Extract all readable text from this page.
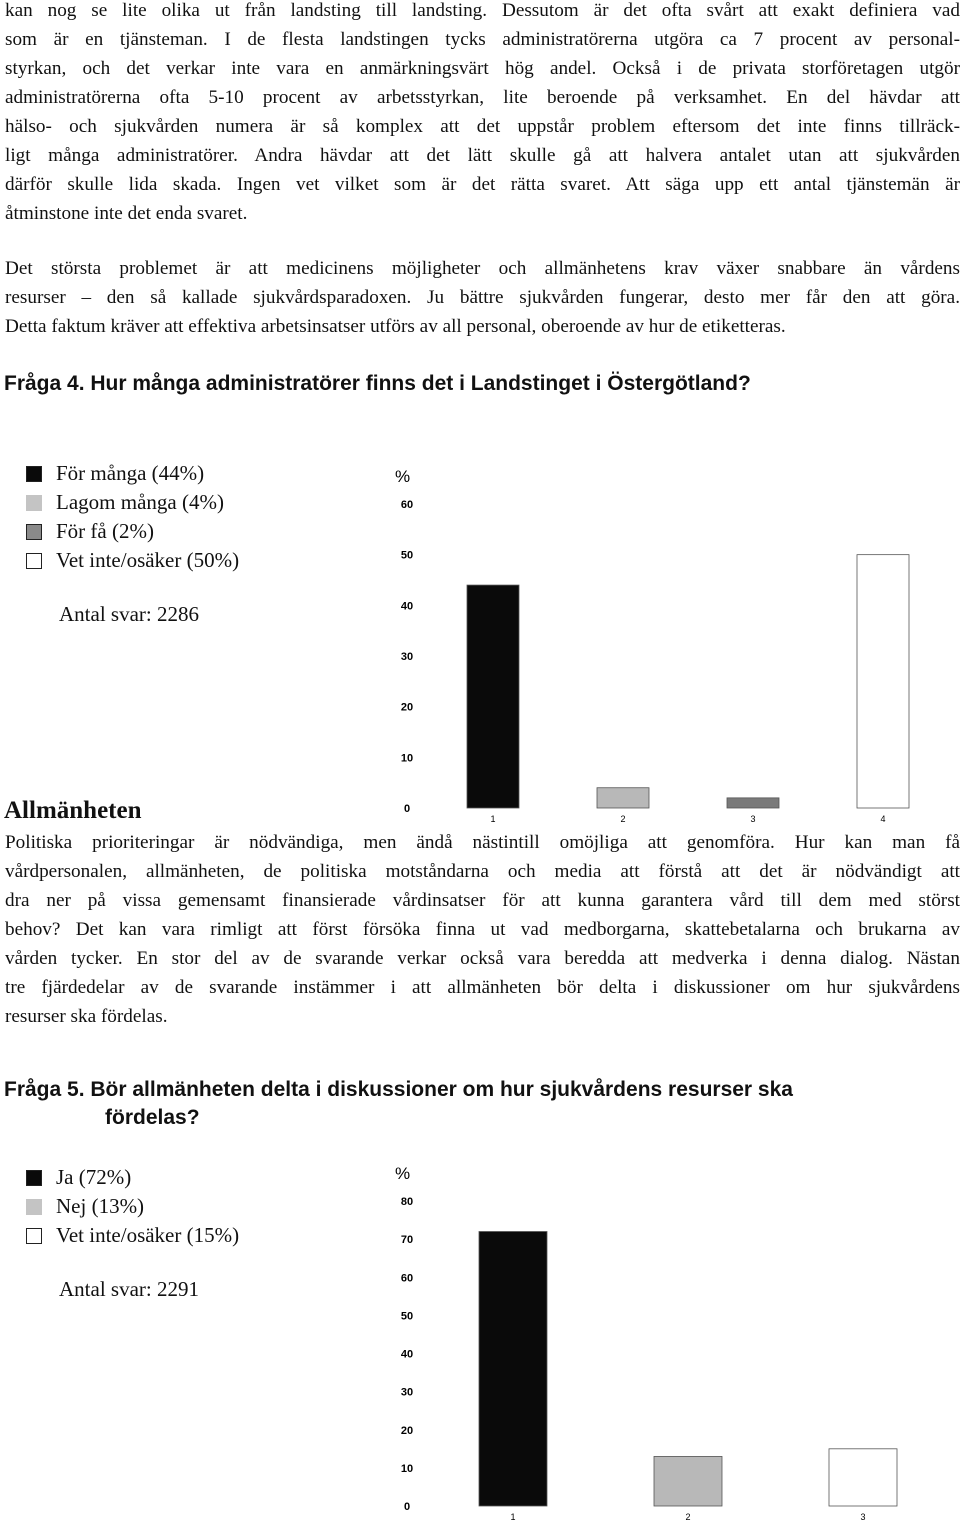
kan nog se lite olika ut från landsting till landsting. Dessutom är det ofta svårt att exakt definiera vad
som är en tjänsteman. I de flesta landstingen tycks administratörerna utgöra ca 7 procent av personal-
styrkan, och det verkar inte vara en anmärkningsvärt hög andel. Också i de privata storföretagen utgör
administratörerna ofta 5-10 procent av arbetsstyrkan, lite beroende på verksamhet. En del hävdar att
hälso- och sjukvården numera är så komplex att det uppstår problem eftersom det inte finns tillräck-
ligt många administratörer. Andra hävdar att det lätt skulle gå att halvera antalet utan att sjukvården
därför skulle lida skada. Ingen vet vilket som är det rätta svaret. Att säga upp ett antal tjänstemän är
åtminstone inte det enda svaret.
Det största problemet är att medicinens möjligheter och allmänhetens krav växer snabbare än vårdens
resurser – den så kallade sjukvårdsparadoxen. Ju bättre sjukvården fungerar, desto mer får den att göra.
Detta faktum kräver att effektiva arbetsinsatser utförs av all personal, oberoende av hur de etiketteras.
Fråga 4. Hur många administratörer finns det i Landstinget i Östergötland?
För många (44%)
Lagom många (4%)
För få (2%)
Vet inte/osäker (50%)
Antal svar: 2286
%
0
10
20
30
40
50
60
1	2	3	4
Allmänheten
Politiska prioriteringar är nödvändiga, men ändå nästintill omöjliga att genomföra. Hur kan man få
vårdpersonalen, allmänheten, de politiska motståndarna och media att förstå att det är nödvändigt att
dra ner på vissa gemensamt finansierade vårdinsatser för att kunna garantera vård till dem med störst
behov? Det kan vara rimligt att först försöka finna ut vad medborgarna, skattebetalarna och brukarna av
vården tycker. En stor del av de svarande verkar också vara beredda att medverka i denna dialog. Nästan
tre fjärdedelar av de svarande instämmer i att allmänheten bör delta i diskussioner om hur sjukvårdens
resurser ska fördelas.
Fråga 5. Bör allmänheten delta i diskussioner om hur sjukvårdens resurser ska
fördelas?
Ja (72%)
Nej (13%)
Vet inte/osäker (15%)
Antal svar: 2291
%
0
10
20
30
40
50
60
70
80
1	2	3
